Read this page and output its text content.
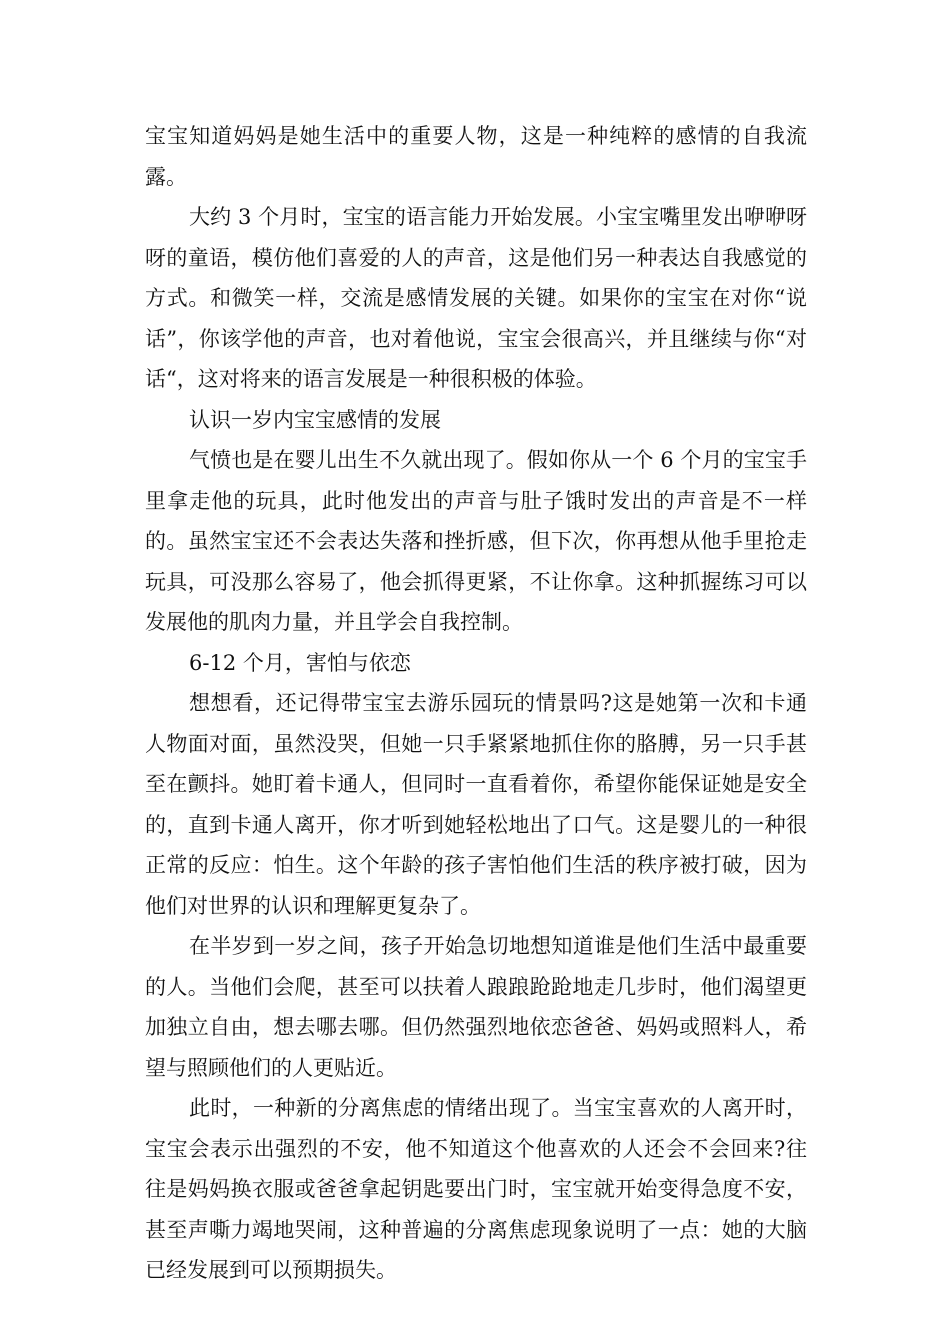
宝宝知道妈妈是她生活中的重要人物，这是一种纯粹的感情的自我流露。

大约 3 个月时，宝宝的语言能力开始发展。小宝宝嘴里发出咿咿呀呀的童语，模仿他们喜爱的人的声音，这是他们另一种表达自我感觉的方式。和微笑一样，交流是感情发展的关键。如果你的宝宝在对你“说话”，你该学他的声音，也对着他说，宝宝会很高兴，并且继续与你“对话“，这对将来的语言发展是一种很积极的体验。

认识一岁内宝宝感情的发展

气愤也是在婴儿出生不久就出现了。假如你从一个 6 个月的宝宝手里拿走他的玩具，此时他发出的声音与肚子饿时发出的声音是不一样的。虽然宝宝还不会表达失落和挫折感，但下次，你再想从他手里抢走玩具，可没那么容易了，他会抓得更紧，不让你拿。这种抓握练习可以发展他的肌肉力量，并且学会自我控制。

6-12 个月，害怕与依恋

想想看，还记得带宝宝去游乐园玩的情景吗?这是她第一次和卡通人物面对面，虽然没哭，但她一只手紧紧地抓住你的胳膊，另一只手甚至在颤抖。她盯着卡通人，但同时一直看着你，希望你能保证她是安全的，直到卡通人离开，你才听到她轻松地出了口气。这是婴儿的一种很正常的反应：怕生。这个年龄的孩子害怕他们生活的秩序被打破，因为他们对世界的认识和理解更复杂了。

在半岁到一岁之间，孩子开始急切地想知道谁是他们生活中最重要的人。当他们会爬，甚至可以扶着人踉踉跄跄地走几步时，他们渴望更加独立自由，想去哪去哪。但仍然强烈地依恋爸爸、妈妈或照料人，希望与照顾他们的人更贴近。

此时，一种新的分离焦虑的情绪出现了。当宝宝喜欢的人离开时，宝宝会表示出强烈的不安，他不知道这个他喜欢的人还会不会回来?往往是妈妈换衣服或爸爸拿起钥匙要出门时，宝宝就开始变得急度不安，甚至声嘶力竭地哭闹，这种普遍的分离焦虑现象说明了一点：她的大脑已经发展到可以预期损失。
